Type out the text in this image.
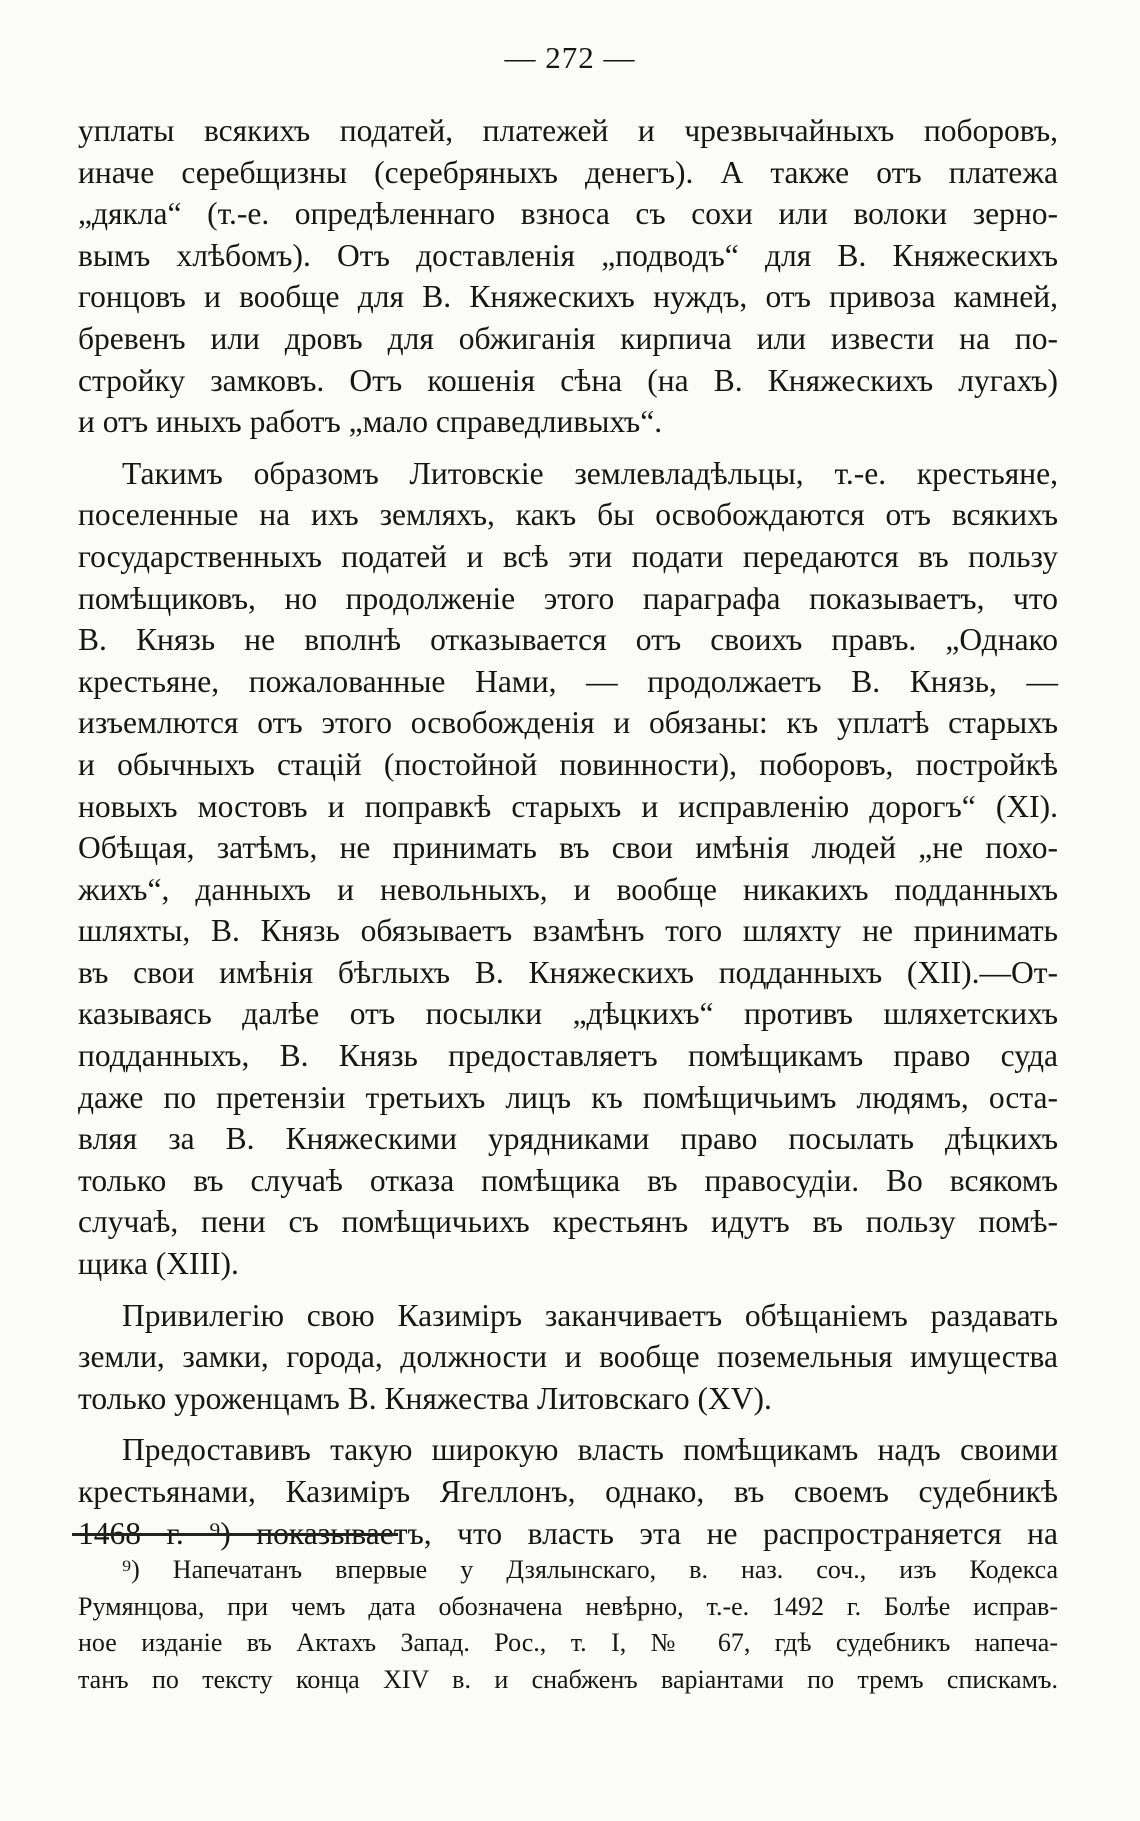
— 272 —
уплаты всякихъ податей, платежей и чрезвычайныхъ поборовъ,
иначе серебщизны (серебряныхъ денегъ). А также отъ платежа
„дякла“ (т.-е. опредѣленнаго взноса съ сохи или волоки зерно-
вымъ хлѣбомъ). Отъ доставленія „подводъ“ для В. Княжескихъ
гонцовъ и вообще для В. Княжескихъ нуждъ, отъ привоза камней,
бревенъ или дровъ для обжиганія кирпича или извести на по-
стройку замковъ. Отъ кошенія сѣна (на В. Княжескихъ лугахъ)
и отъ иныхъ работъ „мало справедливыхъ“.
Такимъ образомъ Литовскіе землевладѣльцы, т.-е. крестьяне,
поселенные на ихъ земляхъ, какъ бы освобождаются отъ всякихъ
государственныхъ податей и всѣ эти подати передаются въ пользу
помѣщиковъ, но продолженіе этого параграфа показываетъ, что
В. Князь не вполнѣ отказывается отъ своихъ правъ. „Однако
крестьяне, пожалованные Нами, — продолжаетъ В. Князь, —
изъемлются отъ этого освобожденія и обязаны: къ уплатѣ старыхъ
и обычныхъ стацій (постойной повинности), поборовъ, постройкѣ
новыхъ мостовъ и поправкѣ старыхъ и исправленію дорогъ“ (XI).
Обѣщая, затѣмъ, не принимать въ свои имѣнія людей „не похо-
жихъ“, данныхъ и невольныхъ, и вообще никакихъ подданныхъ
шляхты, В. Князь обязываетъ взамѣнъ того шляхту не принимать
въ свои имѣнія бѣглыхъ В. Княжескихъ подданныхъ (XII).—От-
казываясь далѣе отъ посылки „дѣцкихъ“ противъ шляхетскихъ
подданныхъ, В. Князь предоставляетъ помѣщикамъ право суда
даже по претензіи третьихъ лицъ къ помѣщичьимъ людямъ, оста-
вляя за В. Княжескими урядниками право посылать дѣцкихъ
только въ случаѣ отказа помѣщика въ правосудіи. Во всякомъ
случаѣ, пени съ помѣщичьихъ крестьянъ идутъ въ пользу помѣ-
щика (XIII).
Привилегію свою Казиміръ заканчиваетъ обѣщаніемъ раздавать
земли, замки, города, должности и вообще поземельныя имущества
только уроженцамъ В. Княжества Литовскаго (XV).
Предоставивъ такую широкую власть помѣщикамъ надъ своими
крестьянами, Казиміръ Ягеллонъ, однако, въ своемъ судебникѣ
1468 г. ⁹) показываетъ, что власть эта не распространяется на
⁹) Напечатанъ впервые у Дзялынскаго, в. наз. соч., изъ Кодекса
Румянцова, при чемъ дата обозначена невѣрно, т.-е. 1492 г. Болѣе исправ-
ное изданіе въ Актахъ Запад. Рос., т. I, № 67, гдѣ судебникъ напеча-
танъ по тексту конца XIV в. и снабженъ варіантами по тремъ спискамъ.
